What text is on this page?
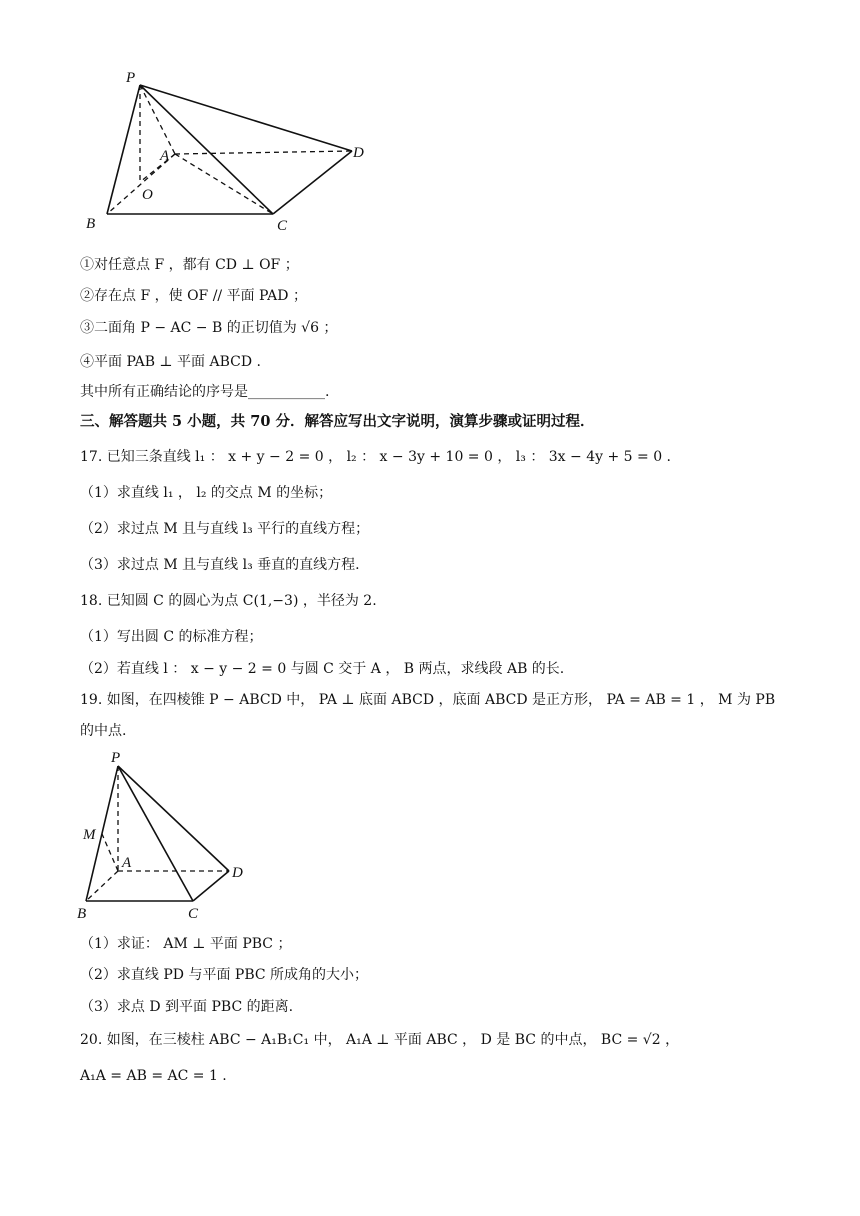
P
A
O
B	C
D
①对任意点 F ，都有 CD ⊥ OF ；
②存在点 F ，使 OF // 平面 PAD ；
③二面角 P − AC − B 的正切值为 √6 ；
④平面 PAB ⊥ 平面 ABCD .
其中所有正确结论的序号是___________.
三、解答题共 5 小题，共 70 分．解答应写出文字说明，演算步骤或证明过程．
17. 已知三条直线 l₁ ： x + y − 2 = 0 ， l₂ ： x − 3y + 10 = 0 ， l₃ ： 3x − 4y + 5 = 0 .
（1）求直线 l₁ ， l₂ 的交点 M 的坐标；
（2）求过点 M 且与直线 l₃ 平行的直线方程；
（3）求过点 M 且与直线 l₃ 垂直的直线方程.
18. 已知圆 C 的圆心为点 C(1,−3) ，半径为 2.
（1）写出圆 C 的标准方程；
（2）若直线 l ： x − y − 2 = 0 与圆 C 交于 A ， B 两点，求线段 AB 的长.
19. 如图，在四棱锥 P − ABCD 中， PA ⊥ 底面 ABCD ，底面 ABCD 是正方形， PA = AB = 1 ， M 为 PB
的中点.
P
M
A
B	C
D
（1）求证： AM ⊥ 平面 PBC ；
（2）求直线 PD 与平面 PBC 所成角的大小；
（3）求点 D 到平面 PBC 的距离.
20. 如图，在三棱柱 ABC − A₁B₁C₁ 中， A₁A ⊥ 平面 ABC ， D 是 BC 的中点， BC = √2 ，
A₁A = AB = AC = 1 .
